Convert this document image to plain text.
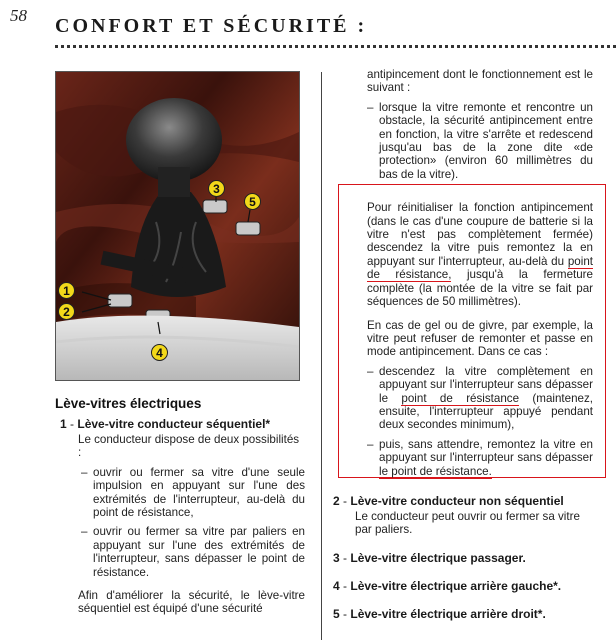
58 CONFORT ET SÉCURITÉ :
1
2
3
4
5
Lève-vitres électriques
1 - Lève-vitre conducteur séquentiel*
Le conducteur dispose de deux possibilités :
– ouvrir ou fermer sa vitre d'une seule impulsion en appuyant sur l'une des extrémités de l'interrupteur, au-delà du point de résistance,
– ouvrir ou fermer sa vitre par paliers en appuyant sur l'une des extrémités de l'interrupteur, sans dépasser le point de résistance.
Afin d'améliorer la sécurité, le lève-vitre séquentiel est équipé d'une sécurité
antipincement dont le fonctionnement est le suivant :
– lorsque la vitre remonte et rencontre un obstacle, la sécurité antipincement entre en fonction, la vitre s'arrête et redescend jusqu'au bas de la zone dite «de protection» (environ 60 millimètres du bas de la vitre).
Pour réinitialiser la fonction antipincement (dans le cas d'une coupure de batterie si la vitre n'est pas complètement fermée) descendez la vitre puis remontez la en appuyant sur l'interrupteur, au-delà du point de résistance, jusqu'à la fermeture complète (la montée de la vitre se fait par séquences de 50 millimètres).
En cas de gel ou de givre, par exemple, la vitre peut refuser de remonter et passe en mode antipincement. Dans ce cas :
– descendez la vitre complètement en appuyant sur l'interrupteur sans dépasser le point de résistance (maintenez, ensuite, l'interrupteur appuyé pendant deux secondes minimum),
– puis, sans attendre, remontez la vitre en appuyant sur l'interrupteur sans dépasser le point de résistance.
2 - Lève-vitre conducteur non séquentiel
Le conducteur peut ouvrir ou fermer sa vitre par paliers.
3 - Lève-vitre électrique passager.
4 - Lève-vitre électrique arrière gauche*.
5 - Lève-vitre électrique arrière droit*.
